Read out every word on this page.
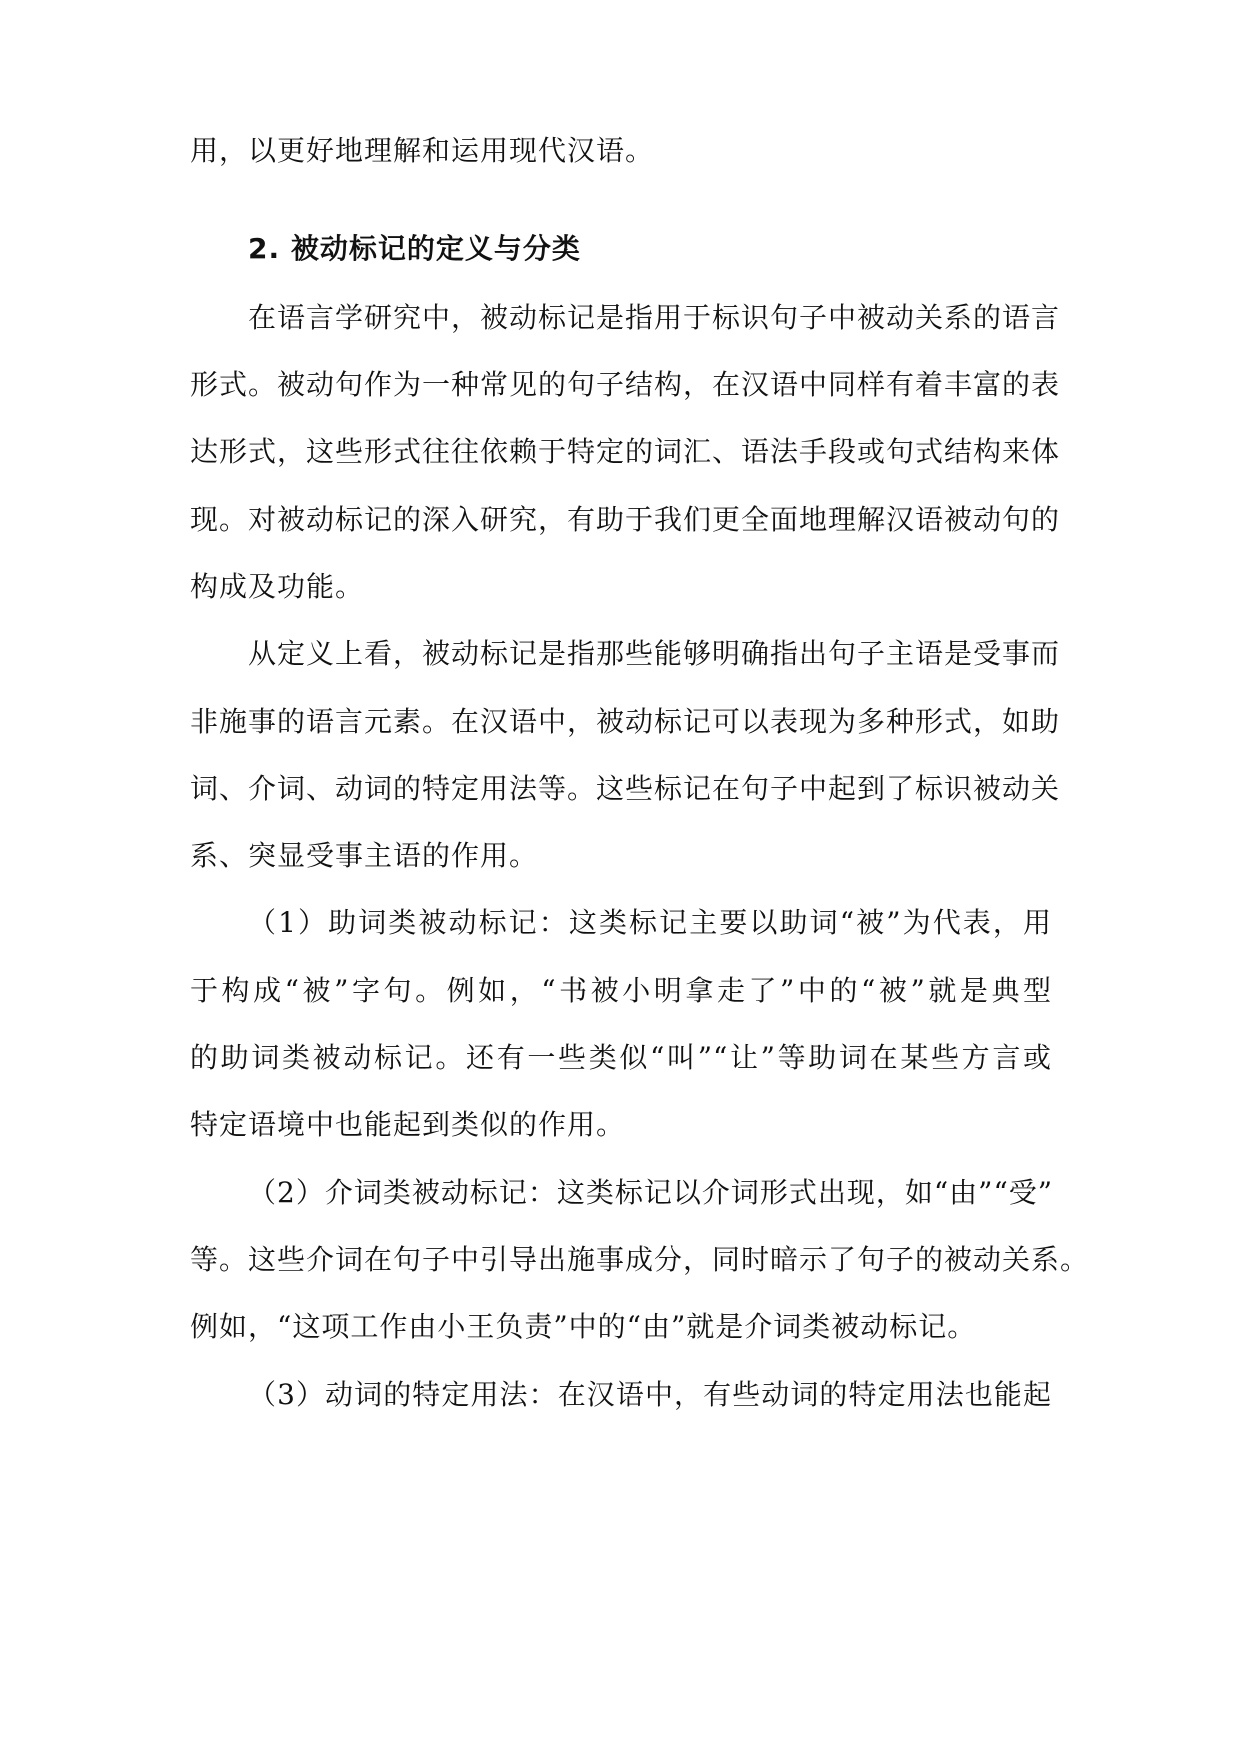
用，以更好地理解和运用现代汉语。
2. 被动标记的定义与分类
在语言学研究中，被动标记是指用于标识句子中被动关系的语言
形式。被动句作为一种常见的句子结构，在汉语中同样有着丰富的表
达形式，这些形式往往依赖于特定的词汇、语法手段或句式结构来体
现。对被动标记的深入研究，有助于我们更全面地理解汉语被动句的
构成及功能。
从定义上看，被动标记是指那些能够明确指出句子主语是受事而
非施事的语言元素。在汉语中，被动标记可以表现为多种形式，如助
词、介词、动词的特定用法等。这些标记在句子中起到了标识被动关
系、突显受事主语的作用。
（1）助词类被动标记：这类标记主要以助词“被”为代表，用
于构成“被”字句。例如，“书被小明拿走了”中的“被”就是典型
的助词类被动标记。还有一些类似“叫”“让”等助词在某些方言或
特定语境中也能起到类似的作用。
（2）介词类被动标记：这类标记以介词形式出现，如“由”“受”
等。这些介词在句子中引导出施事成分，同时暗示了句子的被动关系。
例如，“这项工作由小王负责”中的“由”就是介词类被动标记。
（3）动词的特定用法：在汉语中，有些动词的特定用法也能起
